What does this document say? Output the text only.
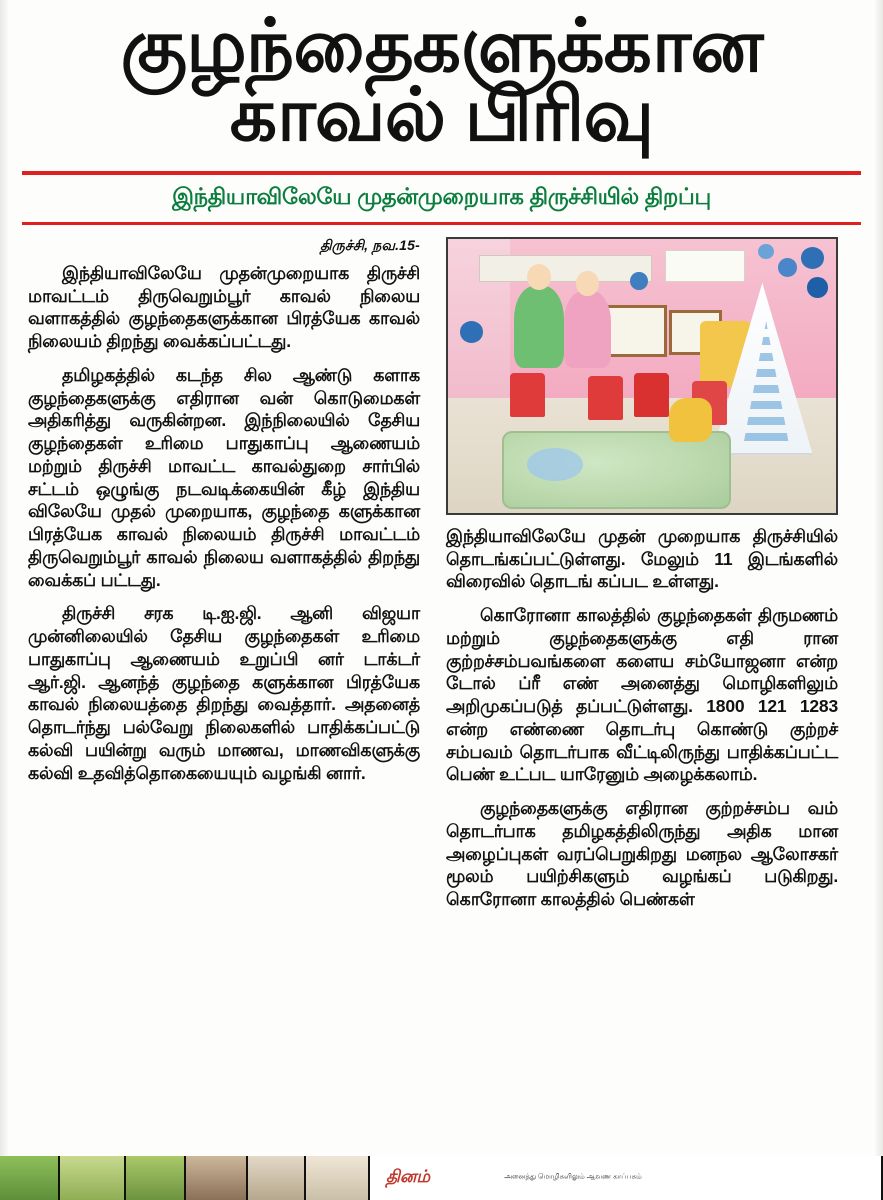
குழந்தைகளுக்கான
காவல் பிரிவு
இந்தியாவிலேயே முதன்முறையாக திருச்சியில் திறப்பு
திருச்சி, நவ.15-

இந்தியாவிலேயே முதன்முறையாக திருச்சி மாவட்டம் திருவெறும்பூர் காவல் நிலைய வளாகத்தில் குழந்தைகளுக்கான பிரத்யேக காவல் நிலையம் திறந்து வைக்கப்பட்டது.

தமிழகத்தில் கடந்த சில ஆண்டு களாக குழந்தைகளுக்கு எதிரான வன் கொடுமைகள் அதிகரித்து வருகின்றன. இந்நிலையில் தேசிய குழந்தைகள் உரிமை பாதுகாப்பு ஆணையம் மற்றும் திருச்சி மாவட்ட காவல்துறை சார்பில் சட்டம் ஒழுங்கு நடவடிக்கையின் கீழ் இந்திய விலேயே முதல் முறையாக, குழந்தை களுக்கான பிரத்யேக காவல் நிலையம் திருச்சி மாவட்டம் திருவெறும்பூர் காவல் நிலைய வளாகத்தில் திறந்து வைக்கப் பட்டது.

திருச்சி சரக டி.ஐ.ஜி. ஆனி விஜயா முன்னிலையில் தேசிய குழந்தைகள் உரிமை பாதுகாப்பு ஆணையம் உறுப்பி னர் டாக்டர் ஆர்.ஜி. ஆனந்த் குழந்தை களுக்கான பிரத்யேக காவல் நிலையத்தை திறந்து வைத்தார். அதனைத் தொடர்ந்து பல்வேறு நிலைகளில் பாதிக்கப்பட்டு கல்வி பயின்று வரும் மாணவ, மாணவிகளுக்கு கல்வி உதவித்தொகையையும் வழங்கி னார்.

இந்தியாவிலேயே முதன் முறையாக திருச்சியில் தொடங்கப்பட்டுள்ளது. மேலும் 11 இடங்களில் விரைவில் தொடங் கப்பட உள்ளது.

கொரோனா காலத்தில் குழந்தைகள் திருமணம் மற்றும் குழந்தைகளுக்கு எதி ரான குற்றச்சம்பவங்களை களைய சம்யோஜனா என்ற டோல் ப்ரீ எண் அனைத்து மொழிகளிலும் அறிமுகப்படுத் தப்பட்டுள்ளது. 1800 121 1283 என்ற எண்ணை தொடர்பு கொண்டு குற்றச் சம்பவம் தொடர்பாக வீட்டிலிருந்து பாதிக்கப்பட்ட பெண் உட்பட யாரேனும் அழைக்கலாம்.

குழந்தைகளுக்கு எதிரான குற்றச்சம்ப வம் தொடர்பாக தமிழகத்திலிருந்து அதிக மான அழைப்புகள் வரப்பெறுகிறது மனநல ஆலோசகர் மூலம் பயிற்சிகளும் வழங்கப் படுகிறது. கொரோனா காலத்தில் பெண்கள்

தினம்	அனைத்து மொழிகளிலும் ஆவண காப்பகம்
